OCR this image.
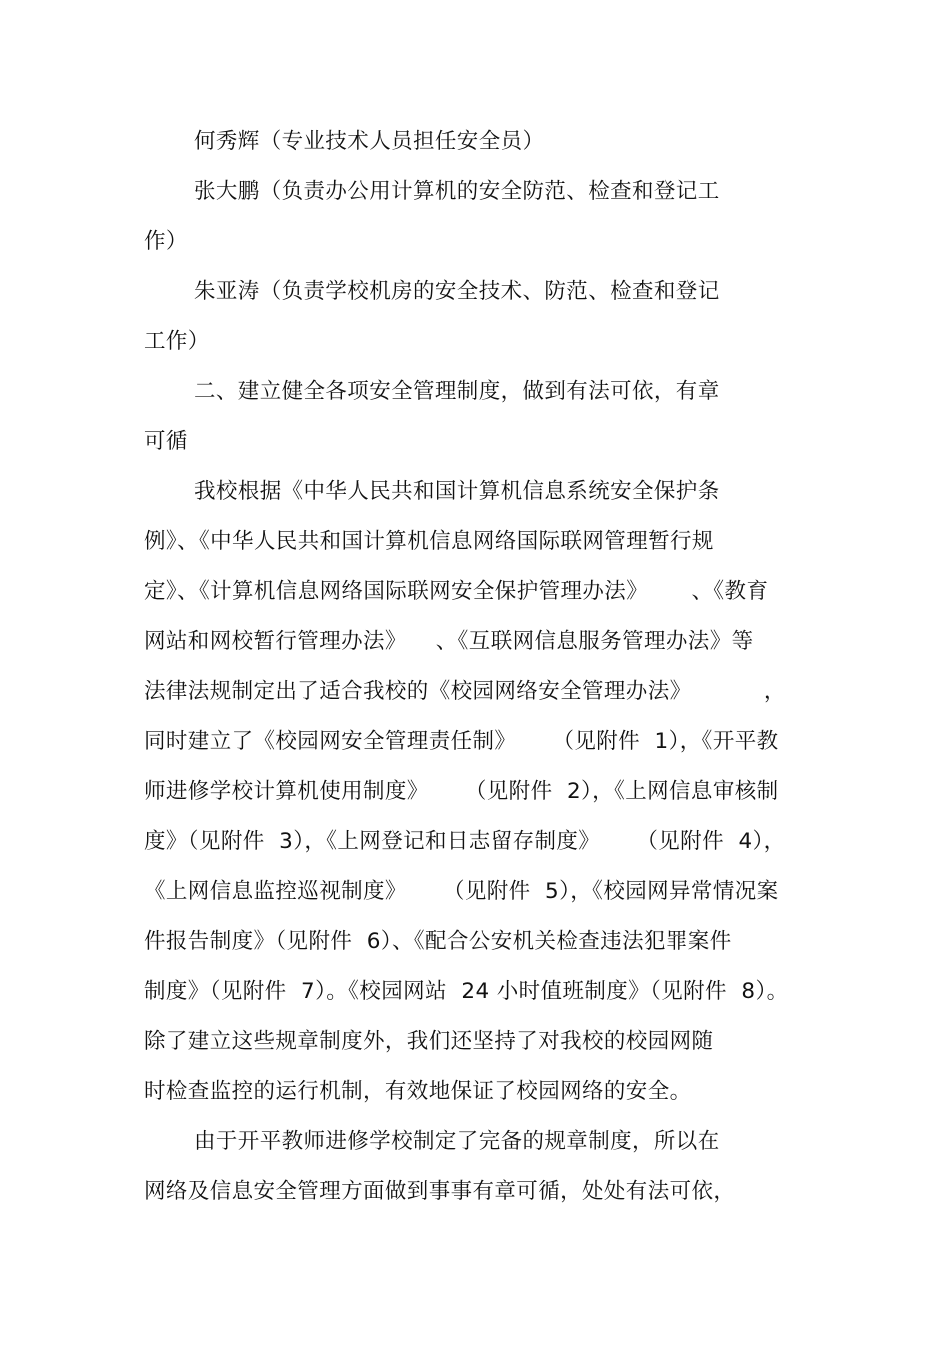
何秀辉（专业技术人员担任安全员）
张大鹏（负责办公用计算机的安全防范、检查和登记工
作）
朱亚涛（负责学校机房的安全技术、防范、检查和登记
工作）
二、建立健全各项安全管理制度，做到有法可依，有章
可循
我校根据《中华人民共和国计算机信息系统安全保护条
例》、《中华人民共和国计算机信息网络国际联网管理暂行规
定》、《计算机信息网络国际联网安全保护管理办法》      、《教育
网站和网校暂行管理办法》    、《互联网信息服务管理办法》等
法律法规制定出了适合我校的《校园网络安全管理办法》          ，
同时建立了《校园网安全管理责任制》     （见附件  1），《开平教
师进修学校计算机使用制度》     （见附件  2），《上网信息审核制
度》（见附件  3），《上网登记和日志留存制度》     （见附件  4），
《上网信息监控巡视制度》     （见附件  5），《校园网异常情况案
件报告制度》（见附件  6）、《配合公安机关检查违法犯罪案件
制度》（见附件  7）。《校园网站  24 小时值班制度》（见附件  8）。
除了建立这些规章制度外，我们还坚持了对我校的校园网随
时检查监控的运行机制，有效地保证了校园网络的安全。
由于开平教师进修学校制定了完备的规章制度，所以在
网络及信息安全管理方面做到事事有章可循，处处有法可依，
